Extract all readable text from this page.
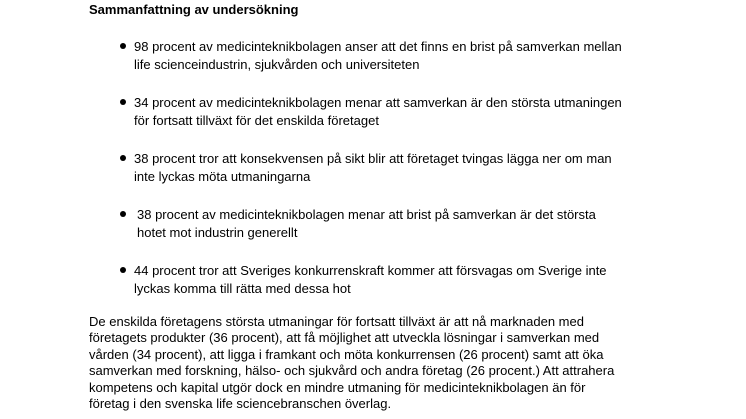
Sammanfattning av undersökning
98 procent av medicinteknikbolagen anser att det finns en brist på samverkan mellan
life scienceindustrin, sjukvården och universiteten
34 procent av medicinteknikbolagen menar att samverkan är den största utmaningen
för fortsatt tillväxt för det enskilda företaget
38 procent tror att konsekvensen på sikt blir att företaget tvingas lägga ner om man
inte lyckas möta utmaningarna
38 procent av medicinteknikbolagen menar att brist på samverkan är det största
hotet mot industrin generellt
44 procent tror att Sveriges konkurrenskraft kommer att försvagas om Sverige inte
lyckas komma till rätta med dessa hot
De enskilda företagens största utmaningar för fortsatt tillväxt är att nå marknaden med
företagets produkter (36 procent), att få möjlighet att utveckla lösningar i samverkan med
vården (34 procent), att ligga i framkant och möta konkurrensen (26 procent) samt att öka
samverkan med forskning, hälso- och sjukvård och andra företag (26 procent.) Att attrahera
kompetens och kapital utgör dock en mindre utmaning för medicinteknikbolagen än för
företag i den svenska life sciencebranschen överlag.
